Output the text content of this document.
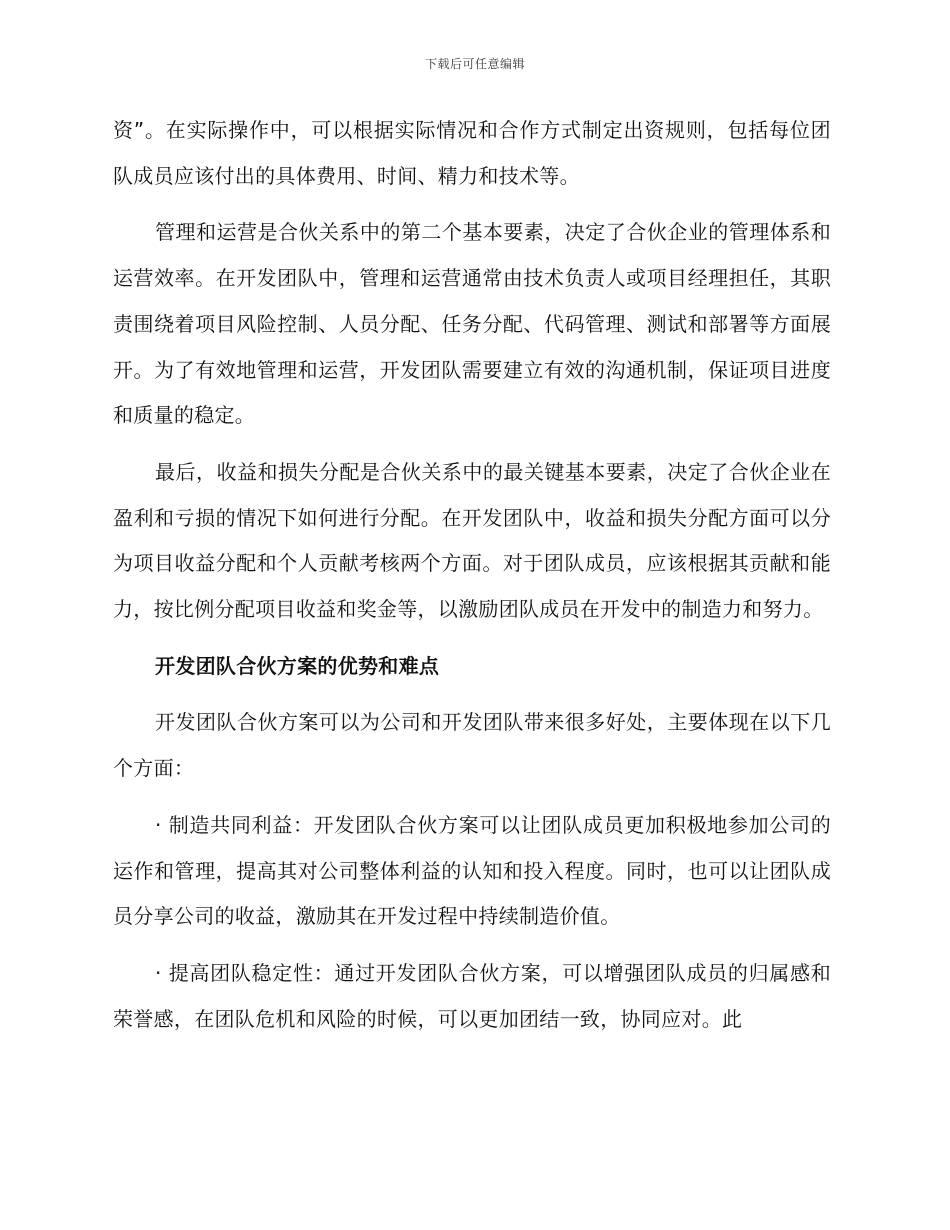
下载后可任意编辑

资”。在实际操作中，可以根据实际情况和合作方式制定出资规则，包括每位团队成员应该付出的具体费用、时间、精力和技术等。

管理和运营是合伙关系中的第二个基本要素，决定了合伙企业的管理体系和运营效率。在开发团队中，管理和运营通常由技术负责人或项目经理担任，其职责围绕着项目风险控制、人员分配、任务分配、代码管理、测试和部署等方面展开。为了有效地管理和运营，开发团队需要建立有效的沟通机制，保证项目进度和质量的稳定。

最后，收益和损失分配是合伙关系中的最关键基本要素，决定了合伙企业在盈利和亏损的情况下如何进行分配。在开发团队中，收益和损失分配方面可以分为项目收益分配和个人贡献考核两个方面。对于团队成员，应该根据其贡献和能力，按比例分配项目收益和奖金等，以激励团队成员在开发中的制造力和努力。

开发团队合伙方案的优势和难点

开发团队合伙方案可以为公司和开发团队带来很多好处，主要体现在以下几个方面：

· 制造共同利益：开发团队合伙方案可以让团队成员更加积极地参加公司的运作和管理，提高其对公司整体利益的认知和投入程度。同时，也可以让团队成员分享公司的收益，激励其在开发过程中持续制造价值。

· 提高团队稳定性：通过开发团队合伙方案，可以增强团队成员的归属感和荣誉感，在团队危机和风险的时候，可以更加团结一致，协同应对。此
